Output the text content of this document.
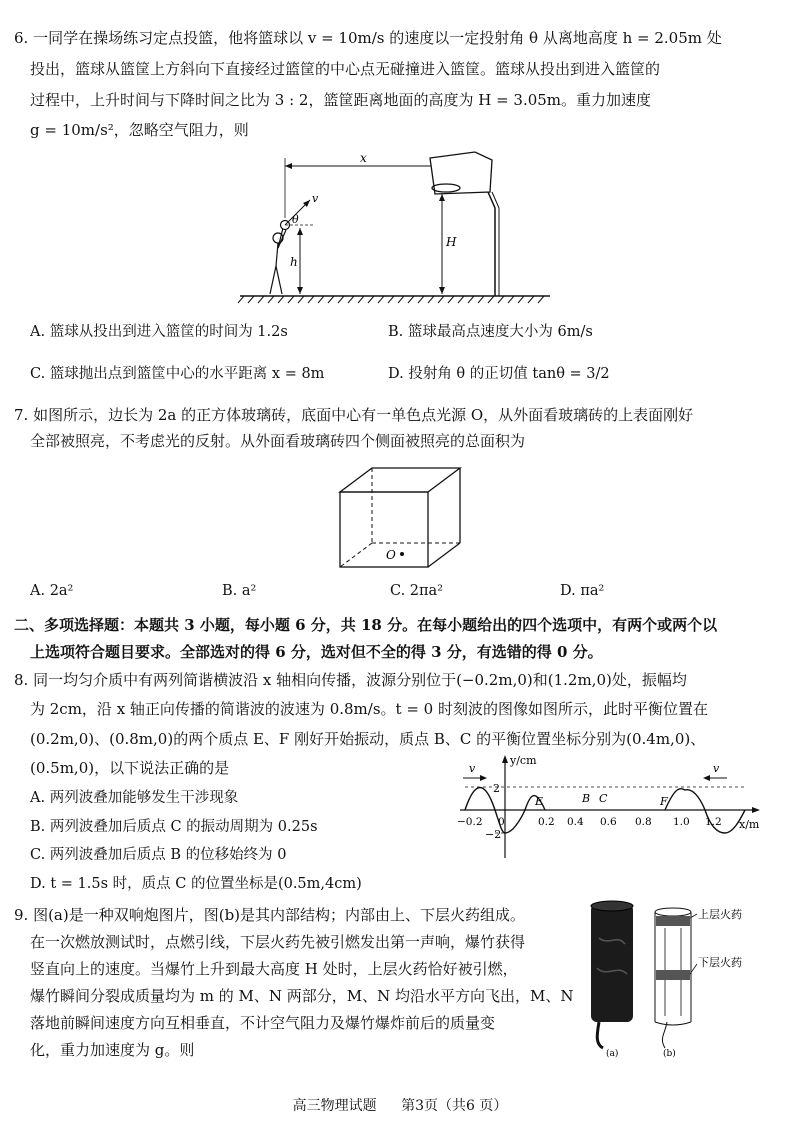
6. 一同学在操场练习定点投篮，他将篮球以 v = 10m/s 的速度以一定投射角 θ 从离地高度 h = 2.05m 处
投出，篮球从篮筐上方斜向下直接经过篮筐的中心点无碰撞进入篮筐。篮球从投出到进入篮筐的
过程中，上升时间与下降时间之比为 3 : 2，篮筐距离地面的高度为 H = 3.05m。重力加速度
g = 10m/s²，忽略空气阻力，则
v
θ
h
x
H
A. 篮球从投出到进入篮筐的时间为 1.2s	B. 篮球最高点速度大小为 6m/s
C. 篮球抛出点到篮筐中心的水平距离 x = 8m	D. 投射角 θ 的正切值 tanθ = 3/2
7. 如图所示，边长为 2a 的正方体玻璃砖，底面中心有一单色点光源 O，从外面看玻璃砖的上表面刚好
全部被照亮，不考虑光的反射。从外面看玻璃砖四个侧面被照亮的总面积为
O
A. 2a²	B. a²	C. 2πa²	D. πa²
二、多项选择题：本题共 3 小题，每小题 6 分，共 18 分。在每小题给出的四个选项中，有两个或两个以
上选项符合题目要求。全部选对的得 6 分，选对但不全的得 3 分，有选错的得 0 分。
8. 同一均匀介质中有两列简谐横波沿 x 轴相向传播，波源分别位于(−0.2m,0)和(1.2m,0)处，振幅均
为 2cm，沿 x 轴正向传播的简谐波的波速为 0.8m/s。t = 0 时刻波的图像如图所示，此时平衡位置在
(0.2m,0)、(0.8m,0)的两个质点 E、F 刚好开始振动，质点 B、C 的平衡位置坐标分别为(0.4m,0)、
(0.5m,0)，以下说法正确的是
A. 两列波叠加能够发生干涉现象
B. 两列波叠加后质点 C 的振动周期为 0.25s
C. 两列波叠加后质点 B 的位移始终为 0
D. t = 1.5s 时，质点 C 的位置坐标是(0.5m,4cm)
y/cm
x/m
2
−2
E	B C	F
−0.2 0	0.2 0.4 0.6 0.8 1.0 1.2
v	v
9. 图(a)是一种双响炮图片，图(b)是其内部结构；内部由上、下层火药组成。
在一次燃放测试时，点燃引线，下层火药先被引燃发出第一声响，爆竹获得
竖直向上的速度。当爆竹上升到最大高度 H 处时，上层火药恰好被引燃，
爆竹瞬间分裂成质量均为 m 的 M、N 两部分，M、N 均沿水平方向飞出，M、N
落地前瞬间速度方向互相垂直，不计空气阻力及爆竹爆炸前后的质量变
化，重力加速度为 g。则	(a)
上层火药
下层火药
(b)
高三物理试题 第3页（共6 页）
